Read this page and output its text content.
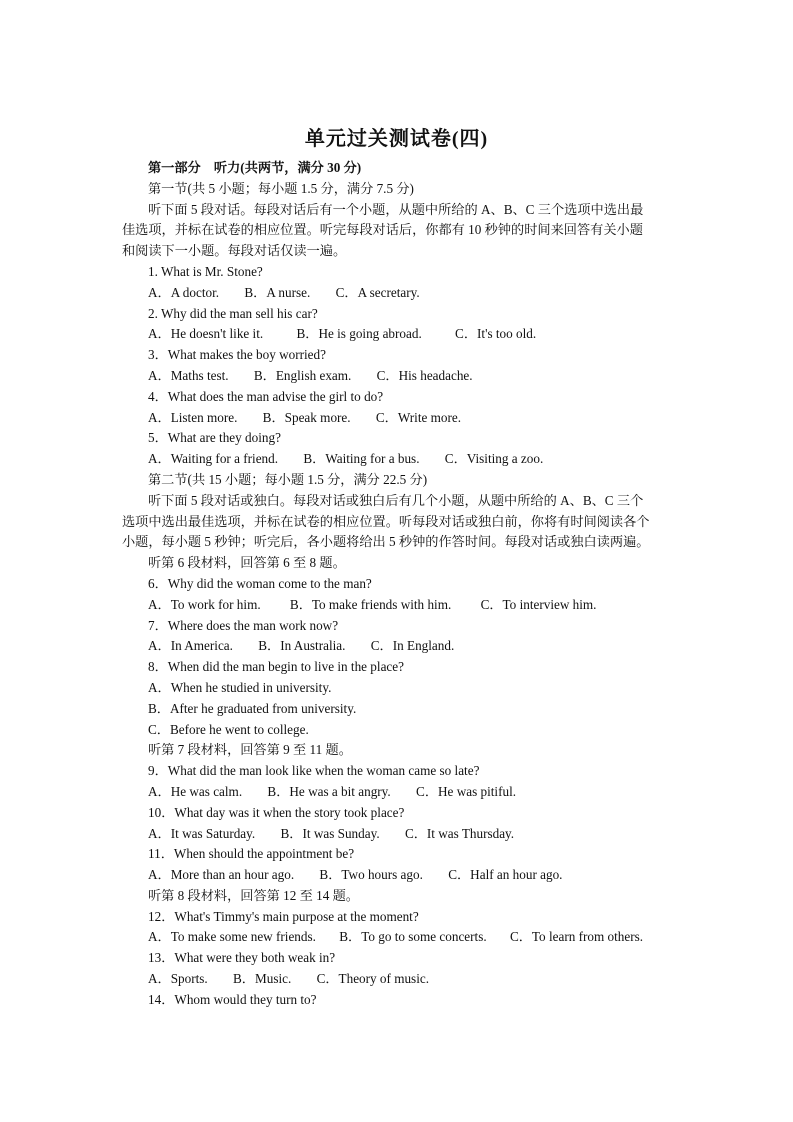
单元过关测试卷(四)
第一部分　听力(共两节，满分 30 分)
第一节(共 5 小题；每小题 1.5 分，满分 7.5 分)
听下面 5 段对话。每段对话后有一个小题，从题中所给的 A、B、C 三个选项中选出最
佳选项，并标在试卷的相应位置。听完每段对话后，你都有 10 秒钟的时间来回答有关小题
和阅读下一小题。每段对话仅读一遍。
1. What is Mr. Stone?
A．A doctor. B．A nurse. C．A secretary.
2. Why did the man sell his car?
A．He doesn't like it.	B．He is going abroad.	C．It's too old.
3．What makes the boy worried?
A．Maths test. B．English exam. C．His headache.
4．What does the man advise the girl to do?
A．Listen more. B．Speak more. C．Write more.
5．What are they doing?
A．Waiting for a friend. B．Waiting for a bus. C．Visiting a zoo.
第二节(共 15 小题；每小题 1.5 分，满分 22.5 分)
听下面 5 段对话或独白。每段对话或独白后有几个小题，从题中所给的 A、B、C 三个
选项中选出最佳选项，并标在试卷的相应位置。听每段对话或独白前，你将有时间阅读各个
小题，每小题 5 秒钟；听完后，各小题将给出 5 秒钟的作答时间。每段对话或独白读两遍。
听第 6 段材料，回答第 6 至 8 题。
6．Why did the woman come to the man?
A．To work for him. B．To make friends with him. C．To interview him.
7．Where does the man work now?
A．In America. B．In Australia. C．In England.
8．When did the man begin to live in the place?
A．When he studied in university.
B．After he graduated from university.
C．Before he went to college.
听第 7 段材料，回答第 9 至 11 题。
9．What did the man look like when the woman came so late?
A．He was calm. B．He was a bit angry. C．He was pitiful.
10．What day was it when the story took place?
A．It was Saturday. B．It was Sunday. C．It was Thursday.
11．When should the appointment be?
A．More than an hour ago. B．Two hours ago. C．Half an hour ago.
听第 8 段材料，回答第 12 至 14 题。
12．What's Timmy's main purpose at the moment?
A．To make some new friends. B．To go to some concerts. C．To learn from others.
13．What were they both weak in?
A．Sports. B．Music. C．Theory of music.
14．Whom would they turn to?
